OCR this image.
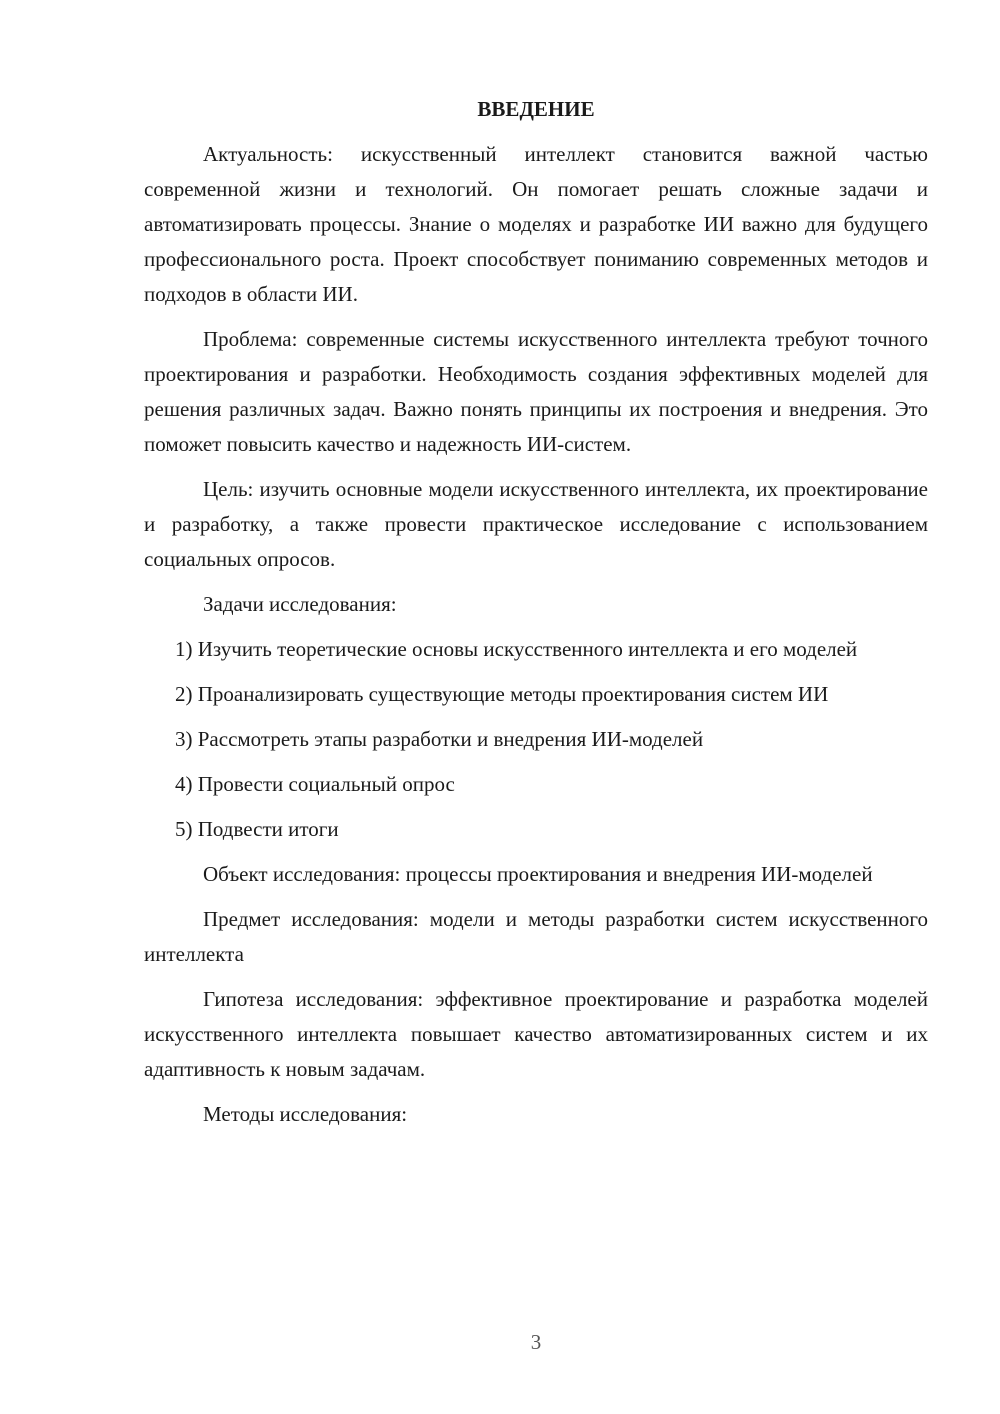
ВВЕДЕНИЕ

Актуальность: искусственный интеллект становится важной частью современной жизни и технологий. Он помогает решать сложные задачи и автоматизировать процессы. Знание о моделях и разработке ИИ важно для будущего профессионального роста. Проект способствует пониманию современных методов и подходов в области ИИ.

Проблема: современные системы искусственного интеллекта требуют точного проектирования и разработки. Необходимость создания эффективных моделей для решения различных задач. Важно понять принципы их построения и внедрения. Это поможет повысить качество и надежность ИИ-систем.

Цель: изучить основные модели искусственного интеллекта, их проектирование и разработку, а также провести практическое исследование с использованием социальных опросов.

Задачи исследования:

1) Изучить теоретические основы искусственного интеллекта и его моделей

2) Проанализировать существующие методы проектирования систем ИИ

3) Рассмотреть этапы разработки и внедрения ИИ-моделей

4) Провести социальный опрос

5) Подвести итоги

Объект исследования: процессы проектирования и внедрения ИИ-моделей

Предмет исследования: модели и методы разработки систем искусственного интеллекта

Гипотеза исследования: эффективное проектирование и разработка моделей искусственного интеллекта повышает качество автоматизированных систем и их адаптивность к новым задачам.

Методы исследования:

3
